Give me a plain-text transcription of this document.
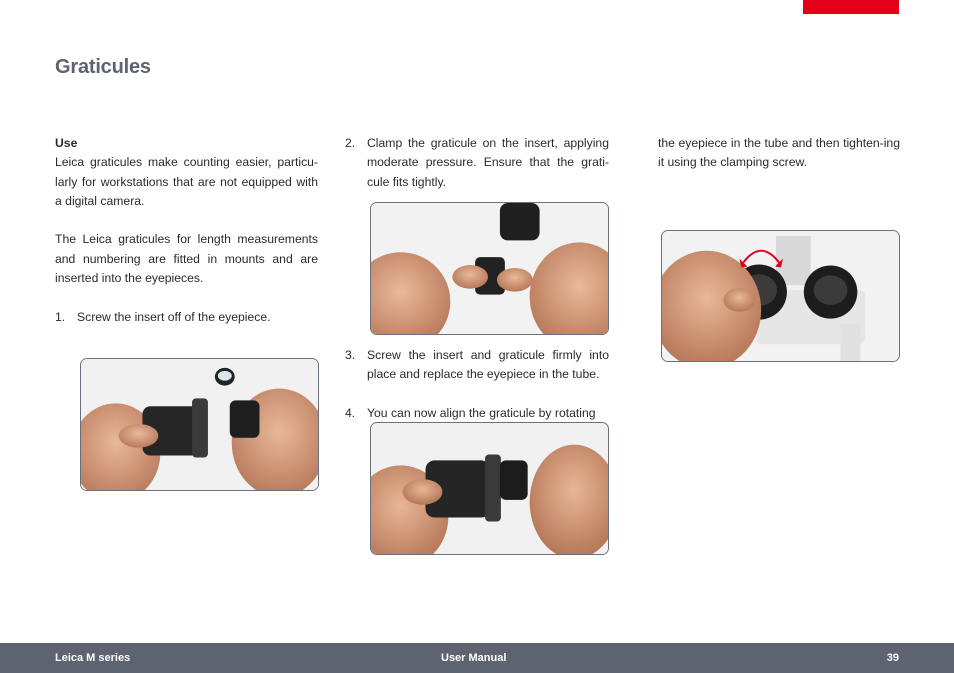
Graticules
Use
Leica graticules make counting easier, particu-larly for workstations that are not equipped with a digital camera.
The Leica graticules for length measurements and numbering are fitted in mounts and are inserted into the eyepieces.
1. Screw the insert off of the eyepiece.
2. Clamp the graticule on the insert, applying moderate pressure. Ensure that the grati-cule fits tightly.
3. Screw the insert and graticule firmly into place and replace the eyepiece in the tube.
4. You can now align the graticule by rotating
the eyepiece in the tube and then tighten-ing it using the clamping screw.
Leica M series	User Manual	39
